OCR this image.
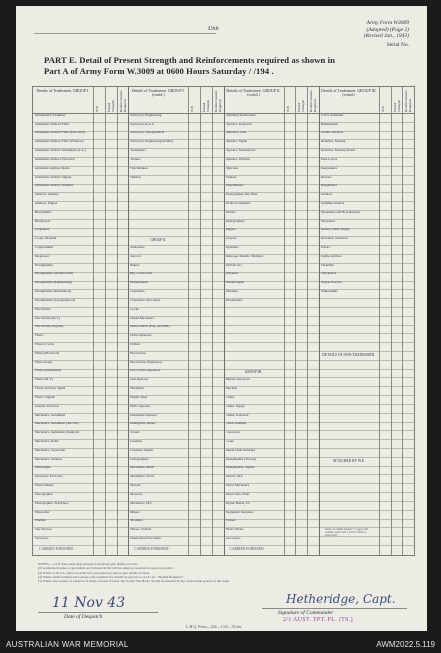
Unit
Army Form W3009
(Adapted) (Page 2)
(Revised Jan., 1943)
Serial No.
PART E. Detail of Present Strength and Reinforcements required as shown in
Part A of Army Form W.3009 at 0600 Hours Saturday / /194 .
Details of Tradesmen. GROUP I.
W.E. Posted Strength. Reinforcements Required.
Ammunition Examiner
Armament Artificer Fitter
Armament Artificer Fitter (Electrical)
Armament Artificer Fitter (Wireless)
Armament Artificer Instrument (A.A.)
Armament Artificer Electrical
Armament Artificer Radio
Armament Artificer Signals
Armament Artificer Wireless
Artificer, Artillery
Artificer, Engine
Blacksmiths
Bricklayers
Carpenters
Cooks, Hospital
Coppersmiths
Diepresser
Draughtsmen
Draughtsmen (Architectural)
Draughtsmen (Engineering)
Draughtsmen (Mechanical)
Draughtsmen (Topographical)
Electricians
Electricians (M.T.)
Electricians (Signals)
Fitters
Fitters (Cycle)
Fitters (Electrical)
Fitters (Gun)
Fitters (Instrument)
Fitters (M.T.)
Fitters, Railway Signal
Fitters, Signals
Grinder, Precision
Mechanics, Instrument
Mechanics, Instrument (Aircraft)
Mechanics, Instrument (Surgical)
Mechanics, Radio
Mechanics, Typewriter
Mechanics, Wireless
Millwrights
Operators, Excavator
Pattern Maker
Photographer
Photographer, W.O.Photo
Platewriter
Plumber
Saw Doctors
Surveyors
CARRIED FORWARD
Details of Tradesmen. GROUP I. (contd.)
W.E. Posted Strength. Reinforcements Required.
Surveyors, Engineering
Surveyors, R.A.A.
Surveyors, Topographical
Surveyors, Engineering/Artillery
Toolmakers
Turners
Watchmakers
Welders
GROUP II.
Armourers
Aurocrs
Bakers
Btn. Cook's Asst.
Boilermakers
Carpenters
Carpenters and Joiners
Cooks
Dental Mechanics
Driver-Mech. (Eng. and Mtd.)
Driver-Operator
Drillers
Electricians
Electricians (Engineers)
Fire Control Operators
Gun Operator
Hatchmen
Height Taker
Hollo Operator
Instrument Operator
Intelligence Duties
Joiners
Linemen
Linemen, Signals
Lithographers
Machinists, Metal
Machinists, Wood
Masons
Motorers
Mechanics, M.T.
Miners
Moulders
Nurses, Trained
Observation Post Assts.
CARRIED FORWARD
Details of Tradesmen. GROUP II. (contd.)
W.E. Posted Strength. Reinforcements Required.
Operating Room Assts.
Operator, Keyboard
Operators, Line
Operator, Signal
Operator, Switchboard
Operator, Wireless
Opticians
Painters
Panel Beaters
Photographer, Dry Plate
Predictor Numbers
Printers
Radiographers
Riggers
Sawyers
Signallers
Telescope Identifs. Numbers
Wall Rovers
Wheelers
Wheelwrights
Wiremen
Woodturners
GROUP III.
Barbers Surveyors
Butchers
Clerks
Clerks, Supply
Clerks, Technical
Check Telemen
Concretors
Cooks
Dental Chek Orderlies
Draughtsmen (Tracers)
Draughtsmen, Signals
Drivers, M.T.
Driver Mechanics
Driver Tpts. Plant
Engine Hands, I.C.
Equipment Repairers
Farriers
Fitters' Mates
Gas Layers
CARRIED FORWARD
Details of Tradesmen. GROUP III. (contd.)
W.E. Posted Strength. Reinforcements Required.
G.P.O. Assistants
Hammermen
Leather Stitchers
Orderlies, Nursing
Orderlies, Nursing Dental
Plate Layers
Rangetakers
Riveters
Roughriders
Saddlers
Sadddlers makers
Shoemaker and Boot Repairer
Stevedores
Stokers, Diely Engine
Storemen, Technical
Tailors
Textile Artificer
Tinsmiths
Vulcanisers
Wagon Erectors
Whitesmiths
DETAILS OF NON-TRADESMEN.
ATTACHED BY W.E.
Totals of columns marked * to agree with columns 4 and 5 and 7 and 10 of Part A, respectively.
NOTES.—(1) If none other than persons is involved give details on back.
(2) Authorised trades or specialists not included in list will be added as required in spaces provided.
(3) Where A.W.A.S. and/or A.A.M.W.S. personnel are shown give details on back.
(4) Where reinforcement and journey only acquitted for details by persons or A.I.F. etc. "Details Required."
(5) Where any request of whatever is made on back of form, the words "See Back" should be inserted in any of the blank spaces on this page.
11 Nov 43
Date of Despatch
Hetheridge, Capt.
Signature of Commander
2/1 AUST. TPT. PL. (TS.)
L.H.Q. Press—202—1/43—512m.
AUSTRALIAN WAR MEMORIAL	AWM2022.5.119
